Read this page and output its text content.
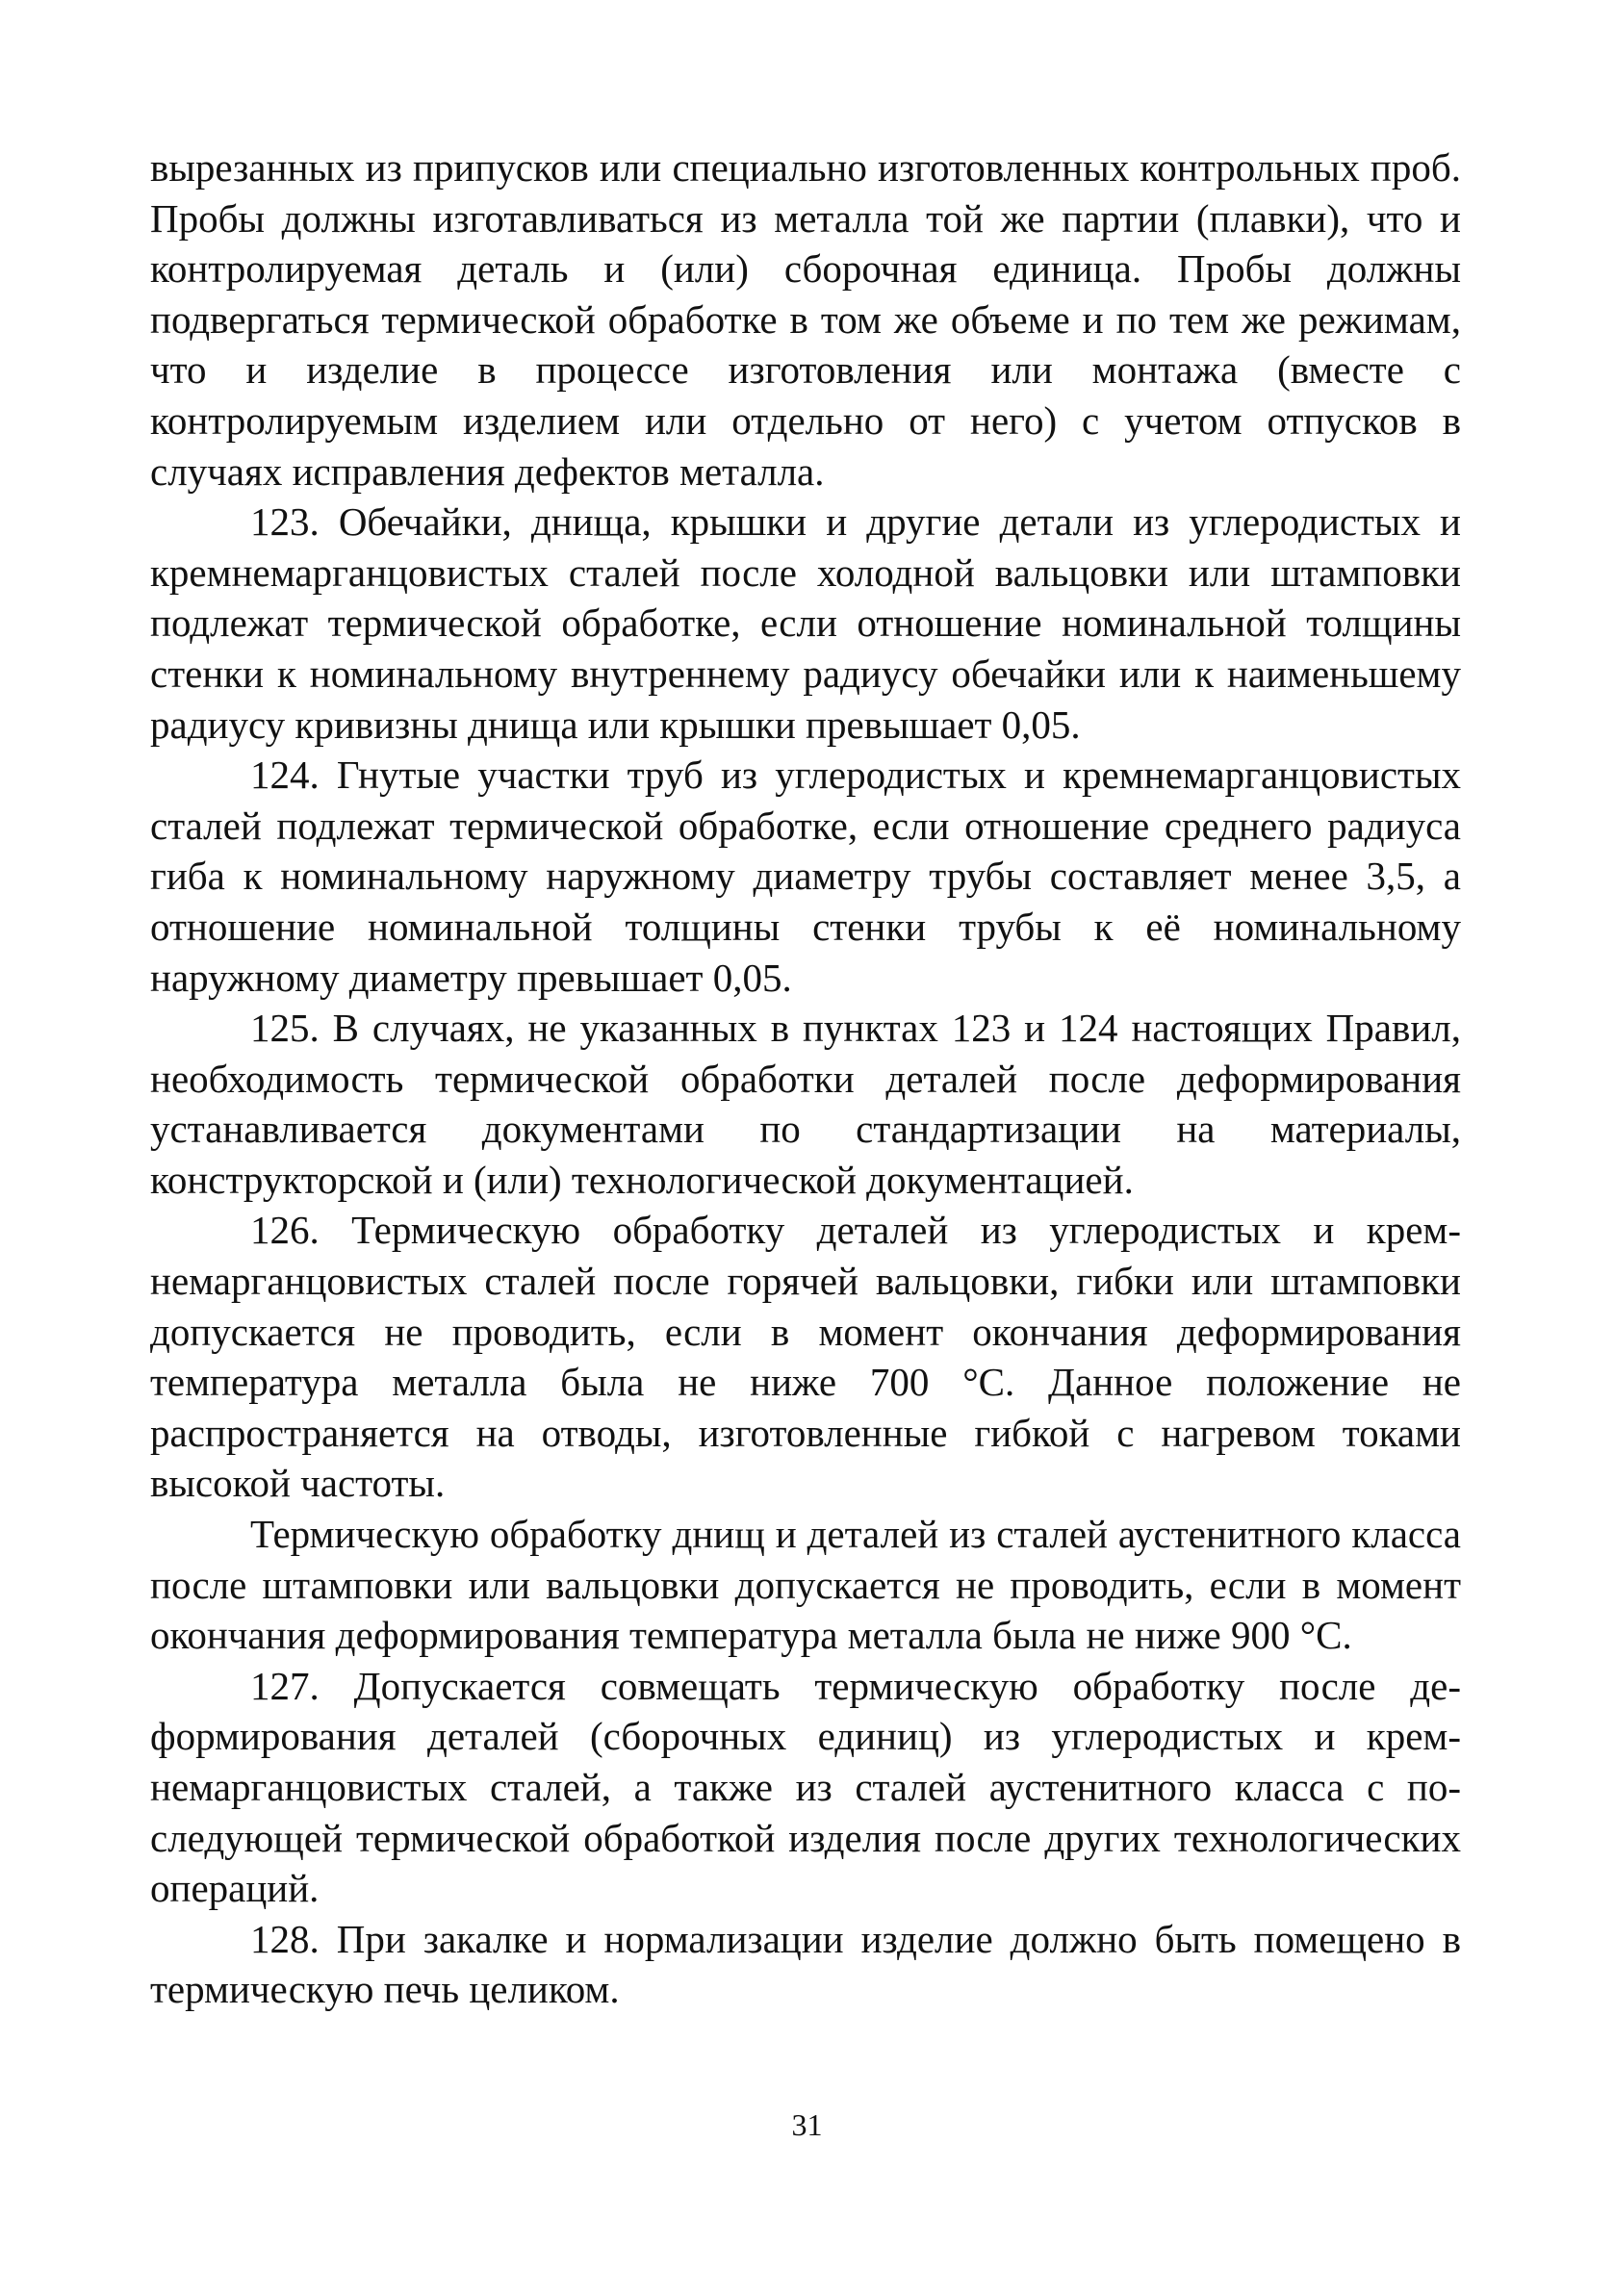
вырезанных из припусков или специально изготовленных контрольных проб. Пробы должны изготавливаться из металла той же партии (плавки), что и контролируемая деталь и (или) сборочная единица. Пробы должны подвергаться термической обработке в том же объеме и по тем же режимам, что и изделие в процессе изготовления или монтажа (вместе с контролируемым изделием или отдельно от него) с учетом отпусков в случаях исправления дефектов металла.

123. Обечайки, днища, крышки и другие детали из углеродистых и кремнемарганцовистых сталей после холодной вальцовки или штамповки подлежат термической обработке, если отношение номинальной толщины стенки к номинальному внутреннему радиусу обечайки или к наименьшему радиусу кривизны днища или крышки превышает 0,05.

124. Гнутые участки труб из углеродистых и кремнемарганцовистых сталей подлежат термической обработке, если отношение среднего радиуса гиба к номинальному наружному диаметру трубы составляет менее 3,5, а отношение номинальной толщины стенки трубы к её номинальному наружному диаметру превышает 0,05.

125. В случаях, не указанных в пунктах 123 и 124 настоящих Правил, необходимость термической обработки деталей после деформирования устанавливается документами по стандартизации на материалы, конструкторской и (или) технологической документацией.

126. Термическую обработку деталей из углеродистых и кремнемарганцовистых сталей после горячей вальцовки, гибки или штамповки допускается не проводить, если в момент окончания деформирования температура металла была не ниже 700 °С. Данное положение не распространяется на отводы, изготовленные гибкой с нагревом токами высокой частоты.

Термическую обработку днищ и деталей из сталей аустенитного класса после штамповки или вальцовки допускается не проводить, если в момент окончания деформирования температура металла была не ниже 900 °С.

127. Допускается совмещать термическую обработку после деформирования деталей (сборочных единиц) из углеродистых и кремнемарганцовистых сталей, а также из сталей аустенитного класса с последующей термической обработкой изделия после других технологических операций.

128. При закалке и нормализации изделие должно быть помещено в термическую печь целиком.

31
